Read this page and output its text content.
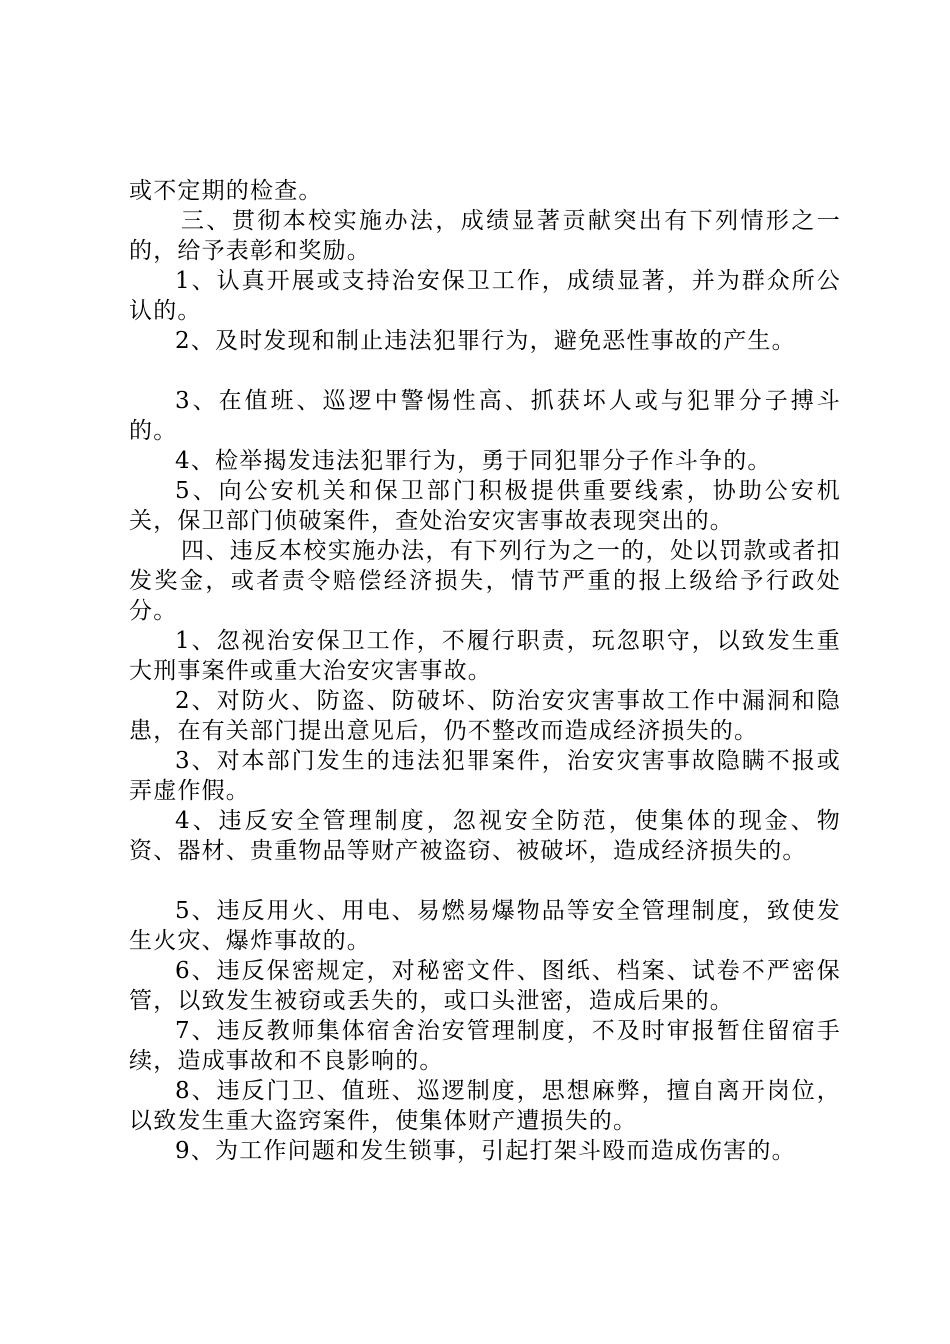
或不定期的检查。

三、贯彻本校实施办法，成绩显著贡献突出有下列情形之一的，给予表彰和奖励。

1、认真开展或支持治安保卫工作，成绩显著，并为群众所公认的。

2、及时发现和制止违法犯罪行为，避免恶性事故的产生。

3、在值班、巡逻中警惕性高、抓获坏人或与犯罪分子搏斗的。

4、检举揭发违法犯罪行为，勇于同犯罪分子作斗争的。

5、向公安机关和保卫部门积极提供重要线索，协助公安机关，保卫部门侦破案件，查处治安灾害事故表现突出的。

四、违反本校实施办法，有下列行为之一的，处以罚款或者扣发奖金，或者责令赔偿经济损失，情节严重的报上级给予行政处分。

1、忽视治安保卫工作，不履行职责，玩忽职守，以致发生重大刑事案件或重大治安灾害事故。

2、对防火、防盗、防破坏、防治安灾害事故工作中漏洞和隐患，在有关部门提出意见后，仍不整改而造成经济损失的。

3、对本部门发生的违法犯罪案件，治安灾害事故隐瞒不报或弄虚作假。

4、违反安全管理制度，忽视安全防范，使集体的现金、物资、器材、贵重物品等财产被盗窃、被破坏，造成经济损失的。

5、违反用火、用电、易燃易爆物品等安全管理制度，致使发生火灾、爆炸事故的。

6、违反保密规定，对秘密文件、图纸、档案、试卷不严密保管，以致发生被窃或丢失的，或口头泄密，造成后果的。

7、违反教师集体宿舍治安管理制度，不及时审报暂住留宿手续，造成事故和不良影响的。

8、违反门卫、值班、巡逻制度，思想麻弊，擅自离开岗位，以致发生重大盗窍案件，使集体财产遭损失的。

9、为工作问题和发生锁事，引起打架斗殴而造成伤害的。
